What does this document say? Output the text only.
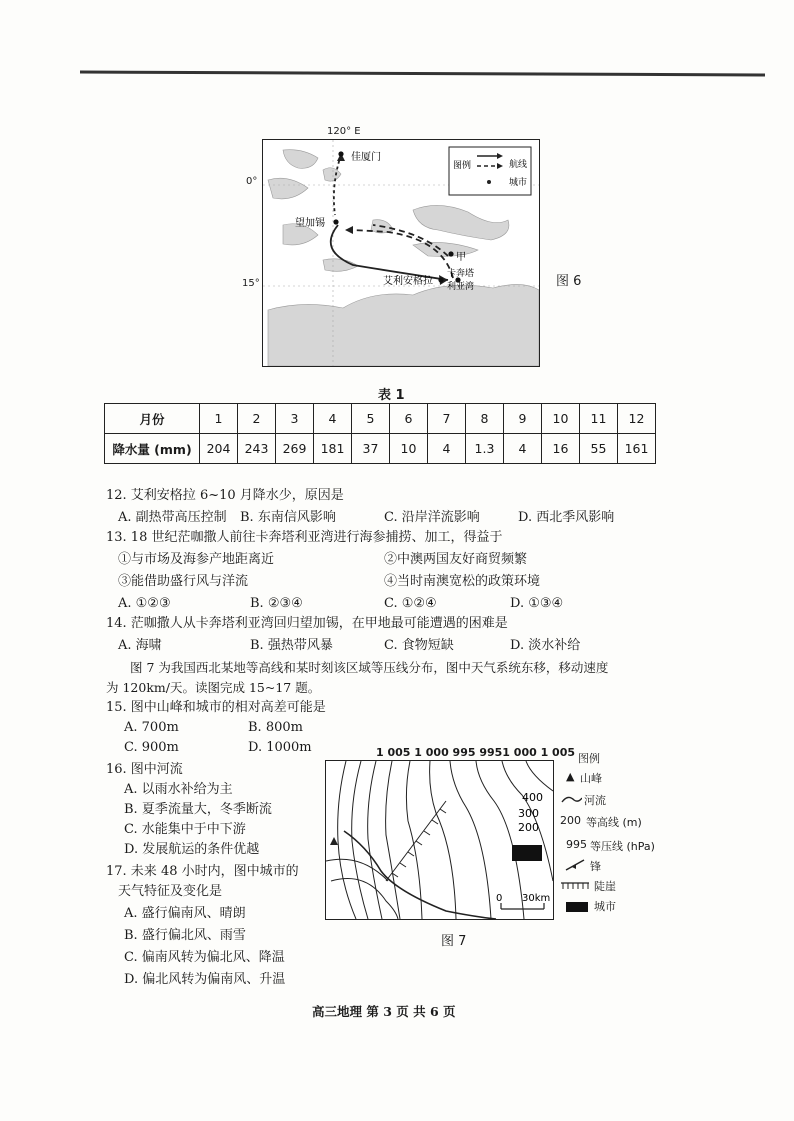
佳厦门
望加锡
甲
艾利安格拉
卡奔塔
利亚湾
图例	航线
城市
120° E
0°
15°	图 6
表 1
月份	1	2	3	4	5	6	7	8	9	10	11	12
降水量 (mm)	204	243	269	181	37	10	4	1.3	4	16	55	161
12. 艾利安格拉 6~10 月降水少，原因是
A. 副热带高压控制 B. 东南信风影响	C. 沿岸洋流影响	D. 西北季风影响
13. 18 世纪茫咖撒人前往卡奔塔利亚湾进行海参捕捞、加工，得益于
①与市场及海参产地距离近	②中澳两国友好商贸频繁
③能借助盛行风与洋流	④当时南澳宽松的政策环境
A. ①②③	B. ②③④	C. ①②④	D. ①③④
14. 茫咖撒人从卡奔塔利亚湾回归望加锡，在甲地最可能遭遇的困难是
A. 海啸	B. 强热带风暴	C. 食物短缺	D. 淡水补给
图 7 为我国西北某地等高线和某时刻该区域等压线分布，图中天气系统东移，移动速度
为 120km/天。读图完成 15~17 题。
15. 图中山峰和城市的相对高差可能是
A. 700m	B. 800m
C. 900m	D. 1000m
16. 图中河流
A. 以雨水补给为主
B. 夏季流量大，冬季断流
C. 水能集中于中下游
D. 发展航运的条件优越
17. 未来 48 小时内，图中城市的
天气特征及变化是
A. 盛行偏南风、晴朗
B. 盛行偏北风、雨雪
C. 偏南风转为偏北风、降温
D. 偏北风转为偏南风、升温
1 005 1 000 995 9951 000 1 005
400
300
200
0 30km
图 7
图例
▲ 山峰
河流
200 等高线 (m)
995 等压线 (hPa)
锋
陡崖
城市
高三地理 第 3 页 共 6 页
